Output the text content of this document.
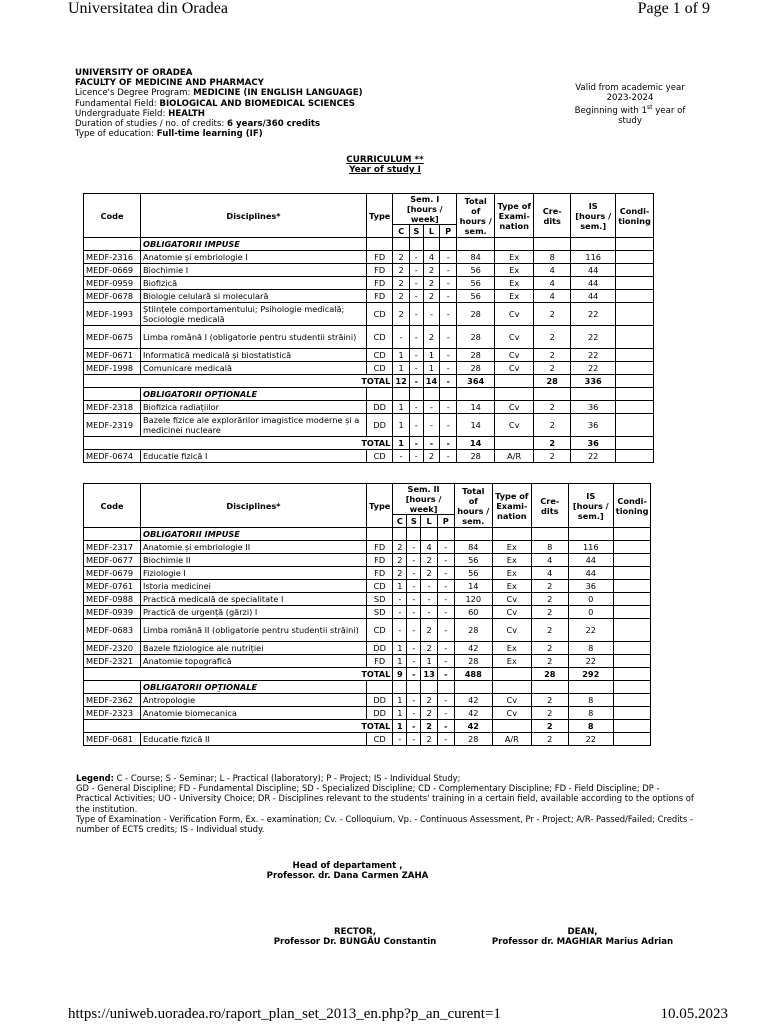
Universitatea din Oradea	Page 1 of 9
UNIVERSITY OF ORADEA
FACULTY OF MEDICINE AND PHARMACY
Licence's Degree Program: MEDICINE (IN ENGLISH LANGUAGE)
Fundamental Field: BIOLOGICAL AND BIOMEDICAL SCIENCES
Undergraduate Field: HEALTH
Duration of studies / no. of credits: 6 years/360 credits
Type of education: Full-time learning (IF)
Valid from academic year
2023-2024
Beginning with 1st year of
study
CURRICULUM **
Year of study I
Code	Disciplines*	Type	Sem. I
[hours / week]				Total of hours / sem.	Type of Exami-nation	Cre-dits	IS [hours / sem.]	Condi-tioning
			C	S	L	P					
	OBLIGATORII IMPUSE										
MEDF-2316	Anatomie și embriologie I	FD	2	-	4	-	84	Ex	8	116	
MEDF-0669	Biochimie I	FD	2	-	2	-	56	Ex	4	44	
MEDF-0959	Biofizică	FD	2	-	2	-	56	Ex	4	44	
MEDF-0678	Biologie celulară si moleculară	FD	2	-	2	-	56	Ex	4	44	
MEDF-1993	Științele comportamentului; Psihologie medicală; Sociologie medicală	CD	2	-	-	-	28	Cv	2	22	
MEDF-0675	Limba română I (obligatorie pentru studentii străini)	CD	-	-	2	-	28	Cv	2	22	
MEDF-0671	Informatică medicală și biostatistică	CD	1	-	1	-	28	Cv	2	22	
MEDF-1998	Comunicare medicală	CD	1	-	1	-	28	Cv	2	22	
TOTAL			12	-	14	-	364		28	336	
	OBLIGATORII OPȚIONALE										
MEDF-2318	Biofizica radiațiilor	DD	1	-	-	-	14	Cv	2	36	
MEDF-2319	Bazele fizice ale explorărilor imagistice moderne și a medicinei nucleare	DD	1	-	-	-	14	Cv	2	36	
TOTAL			1	-	-	-	14		2	36	
MEDF-0674	Educatie fizică I	CD	-	-	2	-	28	A/R	2	22	
Code	Disciplines*	Type	Sem. II
[hours / week]				Total of hours / sem.	Type of Exami-nation	Cre-dits	IS [hours / sem.]	Condi-tioning
			C	S	L	P					
	OBLIGATORII IMPUSE										
MEDF-2317	Anatomie și embriologie II	FD	2	-	4	-	84	Ex	8	116	
MEDF-0677	Biochimie II	FD	2	-	2	-	56	Ex	4	44	
MEDF-0679	Fiziologie I	FD	2	-	2	-	56	Ex	4	44	
MEDF-0761	Istoria medicinei	CD	1	-	-	-	14	Ex	2	36	
MEDF-0988	Practică medicală de specialitate I	SD	-	-	-	-	120	Cv	2	0	
MEDF-0939	Practică de urgență (gărzi) I	SD	-	-	-	-	60	Cv	2	0	
MEDF-0683	Limba română II (obligatorie pentru studentii străini)	CD	-	-	2	-	28	Cv	2	22	
MEDF-2320	Bazele fiziologice ale nutriției	DD	1	-	2	-	42	Ex	2	8	
MEDF-2321	Anatomie topografică	FD	1	-	1	-	28	Ex	2	22	
TOTAL			9	-	13	-	488		28	292	
	OBLIGATORII OPȚIONALE										
MEDF-2362	Antropologie	DD	1	-	2	-	42	Cv	2	8	
MEDF-2323	Anatomie biomecanica	DD	1	-	2	-	42	Cv	2	8	
TOTAL			1	-	2	-	42		2	8	
MEDF-0681	Educatie fizică II	CD	-	-	2	-	28	A/R	2	22	
Legend: C - Course; S - Seminar; L - Practical (laboratory); P - Project; IS - Individual Study;
GD - General Discipline; FD - Fundamental Discipline; SD - Specialized Discipline; CD - Complementary Discipline; FD - Field Discipline; DP - Practical Activities; UO - University Choice; DR - Disciplines relevant to the students' training in a certain field, available according to the options of the institution.
Type of Examination - Verification Form, Ex. - examination; Cv. - Colloquium, Vp. - Continuous Assessment, Pr - Project; A/R- Passed/Failed; Credits - number of ECTS credits; IS - Individual study.
Head of departament ,
Professor. dr. Dana Carmen ZAHA
RECTOR,
Professor Dr. BUNGĂU Constantin
DEAN,
Professor dr. MAGHIAR Marius Adrian
https://uniweb.uoradea.ro/raport_plan_set_2013_en.php?p_an_curent=1	10.05.2023
